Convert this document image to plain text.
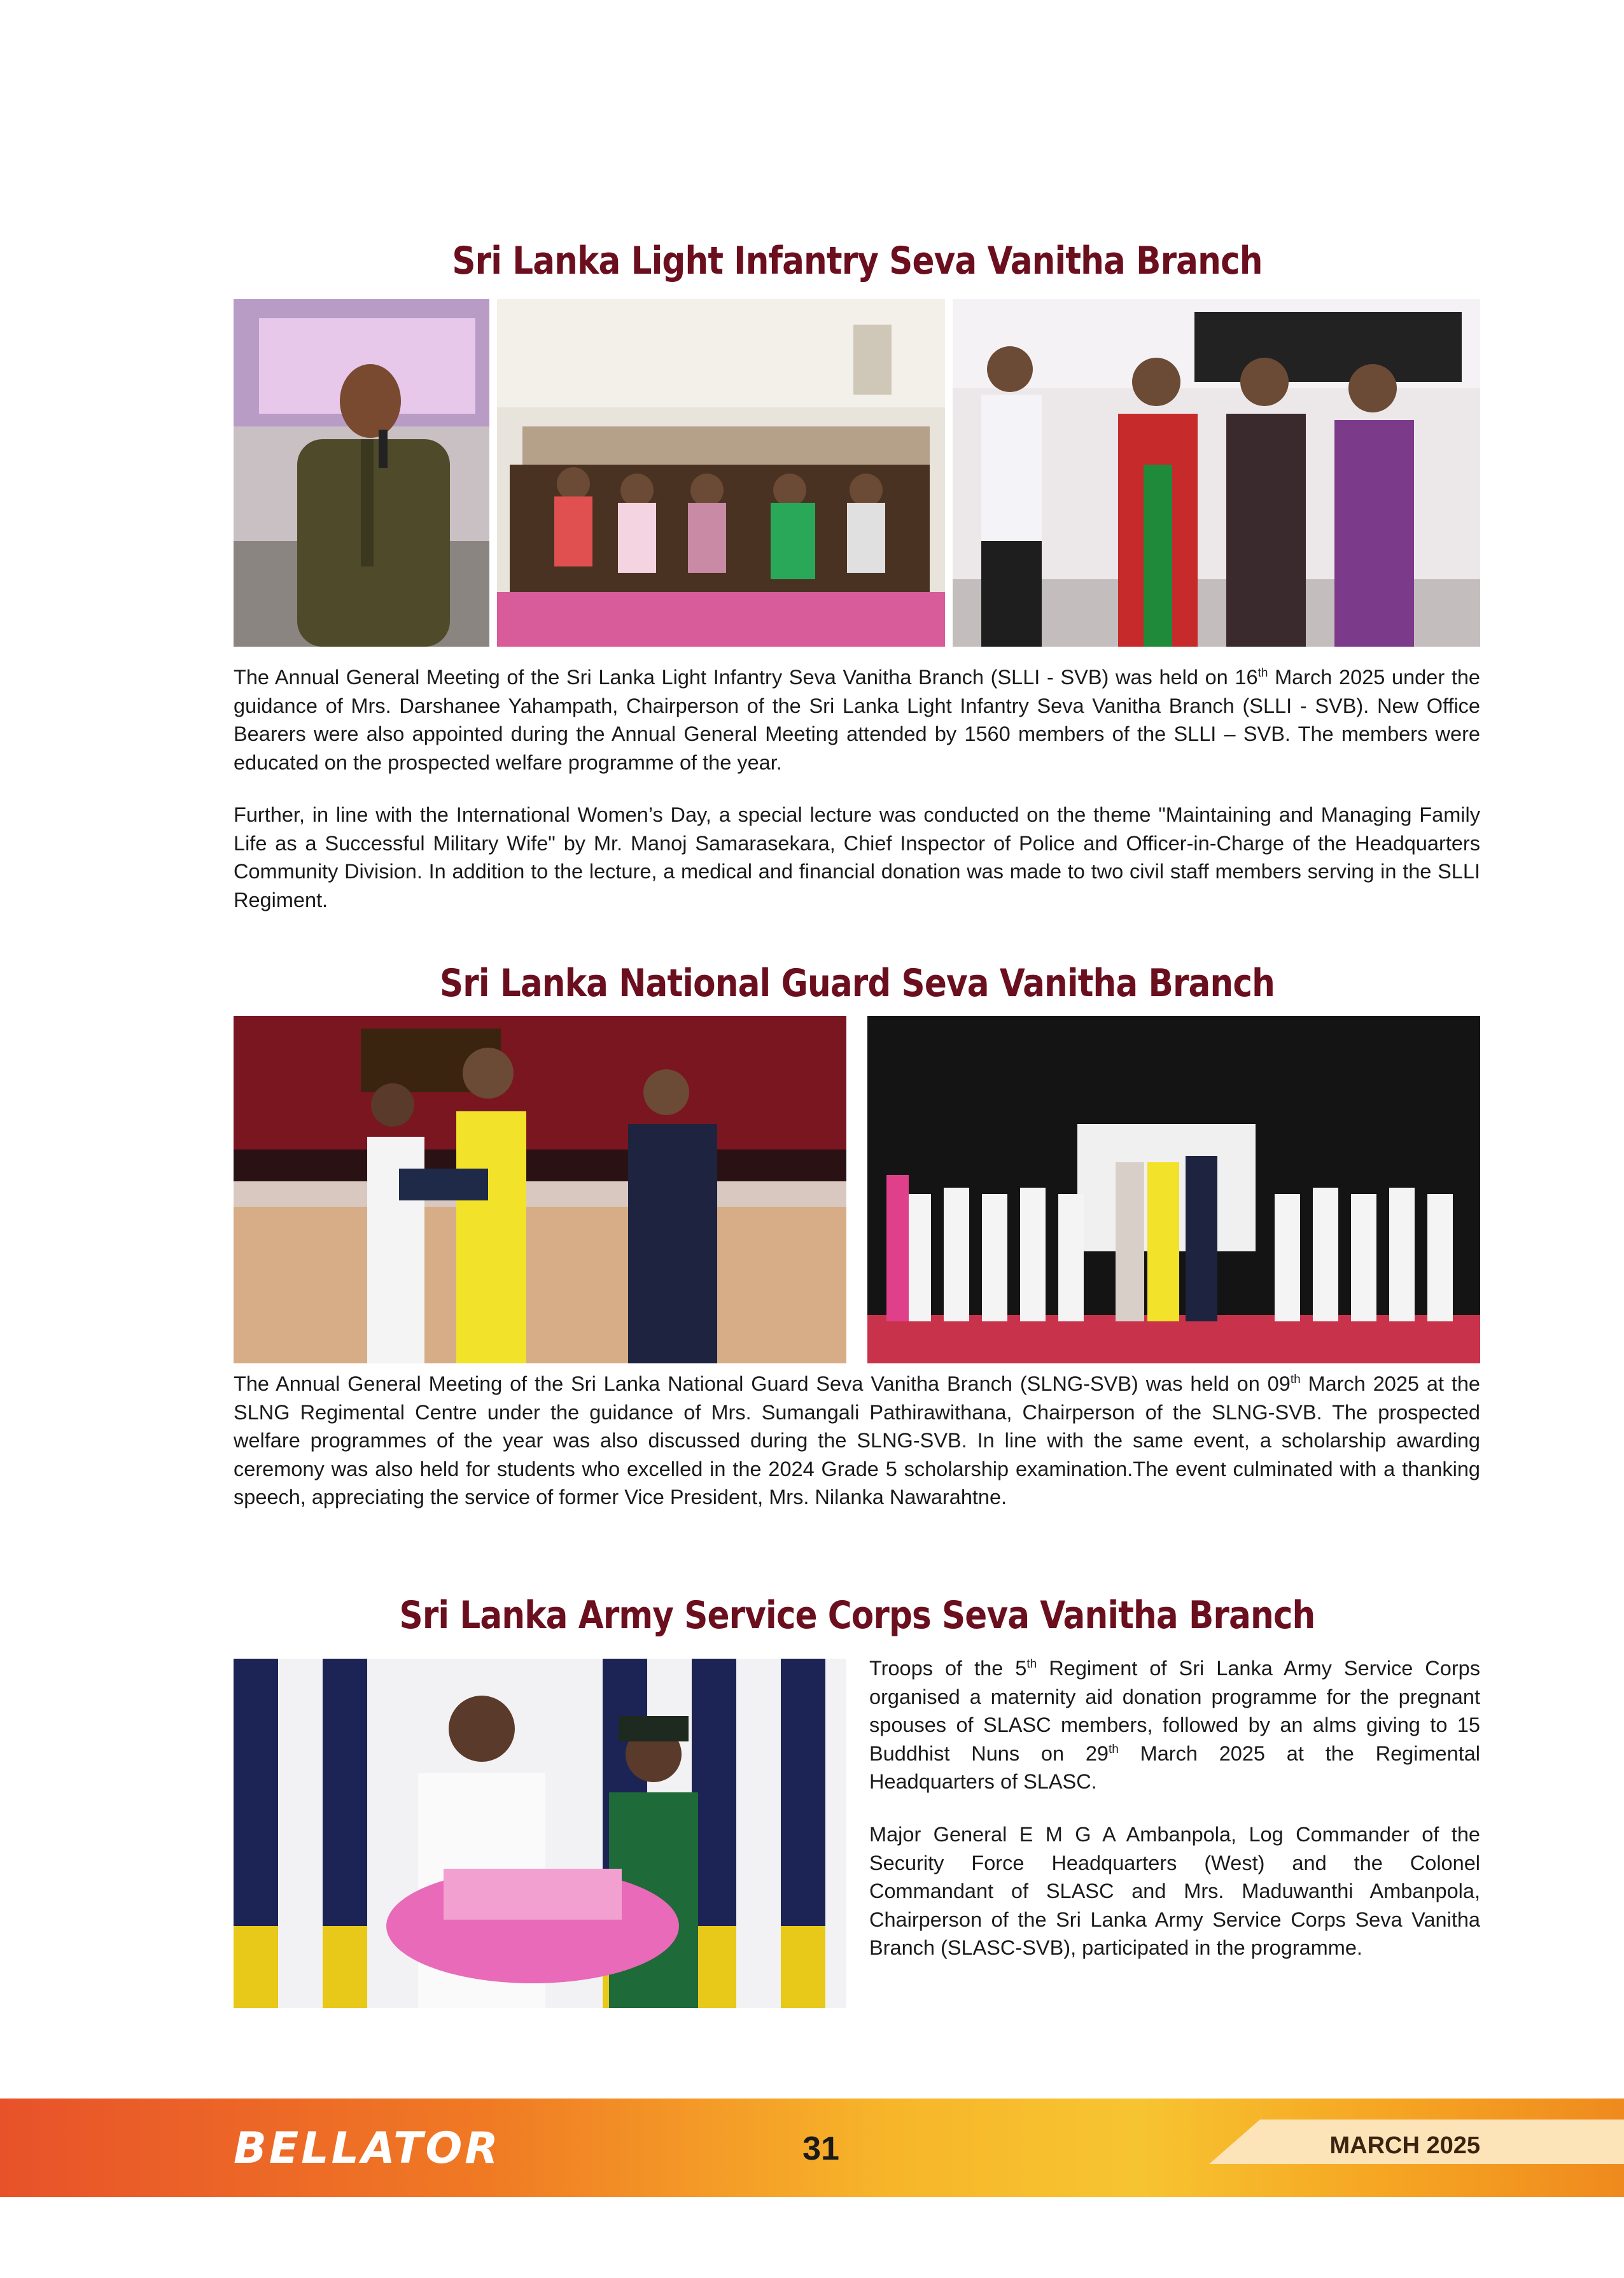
Sri Lanka Light Infantry Seva Vanitha Branch

The Annual General Meeting of the Sri Lanka Light Infantry Seva Vanitha Branch (SLLI - SVB) was held on 16th March 2025 under the guidance of Mrs. Darshanee Yahampath, Chairperson of the Sri Lanka Light Infantry Seva Vanitha Branch (SLLI - SVB). New Office Bearers were also appointed during the Annual General Meeting attended by 1560 members of the SLLI – SVB. The members were educated on the prospected welfare programme of the year.

Further, in line with the International Women’s Day, a special lecture was conducted on the theme "Maintaining and Managing Family Life as a Successful Military Wife" by Mr. Manoj Samarasekara, Chief Inspector of Police and Officer-in-Charge of the Headquarters Community Division. In addition to the lecture, a medical and financial donation was made to two civil staff members serving in the SLLI Regiment.

Sri Lanka National Guard Seva Vanitha Branch

The Annual General Meeting of the Sri Lanka National Guard Seva Vanitha Branch (SLNG-SVB) was held on 09th March 2025 at the SLNG Regimental Centre under the guidance of Mrs. Sumangali Pathirawithana, Chairperson of the SLNG-SVB. The prospected welfare programmes of the year was also discussed during the SLNG-SVB. In line with the same event, a scholarship awarding ceremony was also held for students who excelled in the 2024 Grade 5 scholarship examination.The event culminated with a thanking speech, appreciating the service of former Vice President, Mrs. Nilanka Nawarahtne.

Sri Lanka Army Service Corps Seva Vanitha Branch

Troops of the 5th Regiment of Sri Lanka Army Service Corps organised a maternity aid donation programme for the pregnant spouses of SLASC members, followed by an alms giving to 15 Buddhist Nuns on 29th March 2025 at the Regimental Headquarters of SLASC.

Major General E M G A Ambanpola, Log Commander of the Security Force Headquarters (West) and the Colonel Commandant of SLASC and Mrs. Maduwanthi Ambanpola, Chairperson of the Sri Lanka Army Service Corps Seva Vanitha Branch (SLASC-SVB), participated in the programme.

BELLATOR	31	MARCH 2025
